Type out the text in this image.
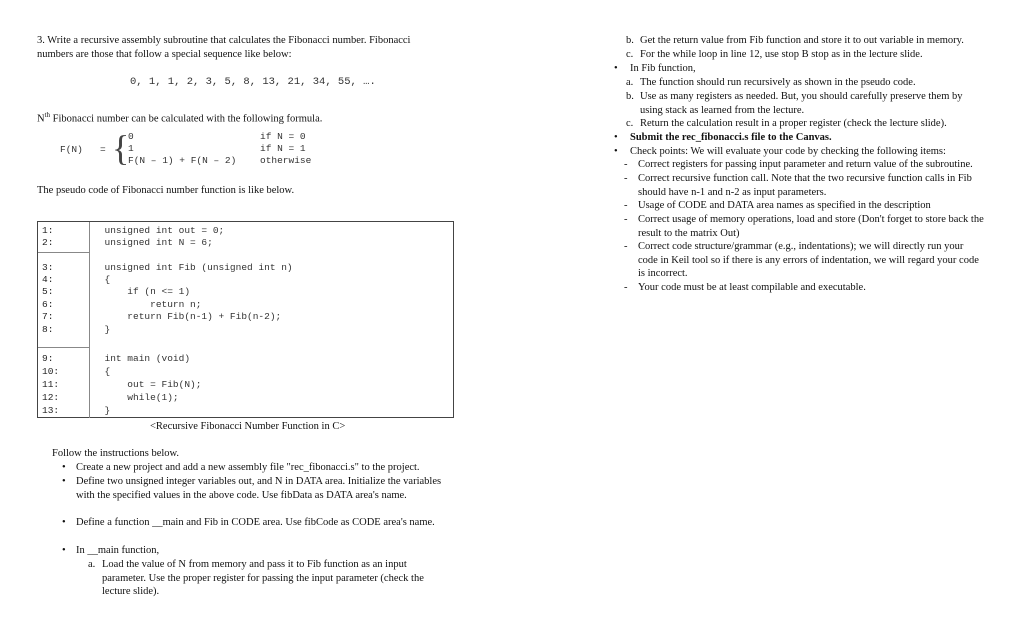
3. Write a recursive assembly subroutine that calculates the Fibonacci number. Fibonacci numbers are those that follow a special sequence like below:
0, 1, 1, 2, 3, 5, 8, 13, 21, 34, 55, ….
$N^{th}$ Fibonacci number can be calculated with the following formula.
F(N) = {
0	if N = 0
1	if N = 1
F(N – 1) + F(N – 2) otherwise
The pseudo code of Fibonacci number function is like below.
1:     unsigned int out = 0;
2:     unsigned int N = 6;
3:     unsigned int Fib (unsigned int n)
4:     {
5:         if (n <= 1)
6:             return n;
7:         return Fib(n-1) + Fib(n-2);
8:     }
9:     int main (void)
10:     {
11:         out = Fib(N);
12:         while(1);
13:     }
<Recursive Fibonacci Number Function in C>
Follow the instructions below.
• Create a new project and add a new assembly file "rec_fibonacci.s" to the project.
• Define two unsigned integer variables out, and N in DATA area. Initialize the variables with the specified values in the above code. Use fibData as DATA area's name.
• Define a function __main and Fib in CODE area. Use fibCode as CODE area's name.
• In __main function,
a. Load the value of N from memory and pass it to Fib function as an input parameter. Use the proper register for passing the input parameter (check the lecture slide).
b. Get the return value from Fib function and store it to out variable in memory.
c. For the while loop in line 12, use stop B stop as in the lecture slide.
• In Fib function,
a. The function should run recursively as shown in the pseudo code.
b. Use as many registers as needed. But, you should carefully preserve them by using stack as learned from the lecture.
c. Return the calculation result in a proper register (check the lecture slide).
• Submit the rec_fibonacci.s file to the Canvas.
• Check points: We will evaluate your code by checking the following items:
- Correct registers for passing input parameter and return value of the subroutine.
- Correct recursive function call. Note that the two recursive function calls in Fib should have n-1 and n-2 as input parameters.
- Usage of CODE and DATA area names as specified in the description
- Correct usage of memory operations, load and store (Don't forget to store back the result to the matrix Out)
- Correct code structure/grammar (e.g., indentations); we will directly run your code in Keil tool so if there is any errors of indentation, we will regard your code is incorrect.
- Your code must be at least compilable and executable.
